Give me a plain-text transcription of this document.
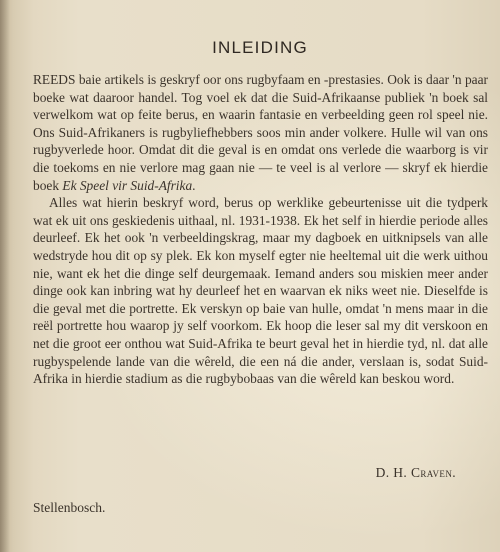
INLEIDING

REEDS baie artikels is geskryf oor ons rugbyfaam en -prestasies. Ook is daar 'n paar boeke wat daaroor handel. Tog voel ek dat die Suid-Afrikaanse publiek 'n boek sal verwelkom wat op feite berus, en waarin fantasie en verbeelding geen rol speel nie. Ons Suid-Afrikaners is rugbyliefhebbers soos min ander volkere. Hulle wil van ons rugbyverlede hoor. Omdat dit die geval is en omdat ons verlede die waarborg is vir die toekoms en nie verlore mag gaan nie — te veel is al verlore — skryf ek hierdie boek Ek Speel vir Suid-Afrika.

Alles wat hierin beskryf word, berus op werklike gebeurtenisse uit die tydperk wat ek uit ons geskiedenis uithaal, nl. 1931-1938. Ek het self in hierdie periode alles deurleef. Ek het ook 'n verbeeldingskrag, maar my dagboek en uitknipsels van alle wedstryde hou dit op sy plek. Ek kon myself egter nie heeltemal uit die werk uithou nie, want ek het die dinge self deurgemaak. Iemand anders sou miskien meer ander dinge ook kan inbring wat hy deurleef het en waarvan ek niks weet nie. Dieselfde is die geval met die portrette. Ek verskyn op baie van hulle, omdat 'n mens maar in die reël portrette hou waarop jy self voorkom. Ek hoop die leser sal my dit verskoon en net die groot eer onthou wat Suid-Afrika te beurt geval het in hierdie tyd, nl. dat alle rugbyspelende lande van die wêreld, die een ná die ander, verslaan is, sodat Suid-Afrika in hierdie stadium as die rugbybobaas van die wêreld kan beskou word.

D. H. Craven.
Stellenbosch.
